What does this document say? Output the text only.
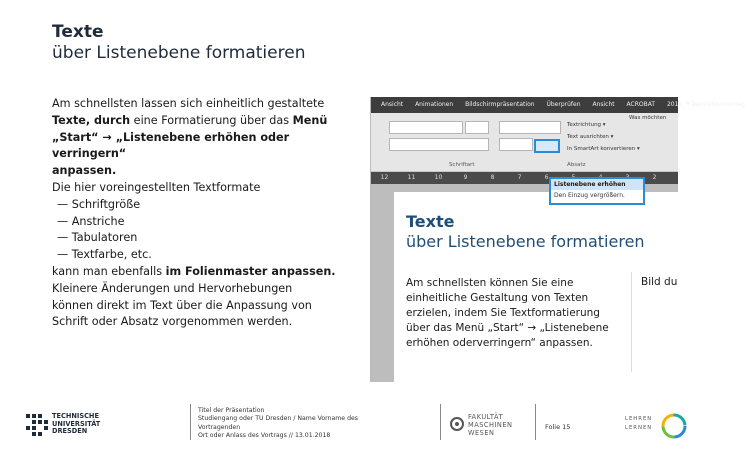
Texte
über Listenebene formatieren
Am schnellsten lassen sich einheitlich gestaltete
Texte, durch eine Formatierung über das Menü
„Start“ → „Listenebene erhöhen oder verringern“
anpassen.
Die hier voreingestellten Textformate
— Schriftgröße
— Anstriche
— Tabulatoren
— Textfarbe, etc.
kann man ebenfalls im Folienmaster anpassen.
Kleinere Änderungen und Hervorhebungen
können direkt im Text über die Anpassung von
Schrift oder Absatz vorgenommen werden.
Ansicht Animationen Bildschirmpräsentation Überprüfen Ansicht ACROBAT 2018_Präsentationsvorlag
Textrichtung ▾
Text ausrichten ▾
In SmartArt konvertieren ▾
Was möchten
Schriftart	Absatz
12	11	10	9	8	7	6	2
Texte
über Listenebene formatieren
Am schnellsten können Sie eine einheitliche Gestaltung von Texten erzielen, indem Sie Textformatierung über das Menü „Start“ → „Listenebene erhöhen oderverringern“ anpassen.
Bild du
Listenebene erhöhen
Den Einzug vergrößern.
TECHNISCHE
UNIVERSITÄT
DRESDEN
Titel der Präsentation
Studiengang oder TU Dresden / Name Vorname des
Vortragenden
Ort oder Anlass des Vortrags // 13.01.2018
FAKULTÄT
MASCHINEN
WESEN
Folie 15
LEHREN
LERNEN
